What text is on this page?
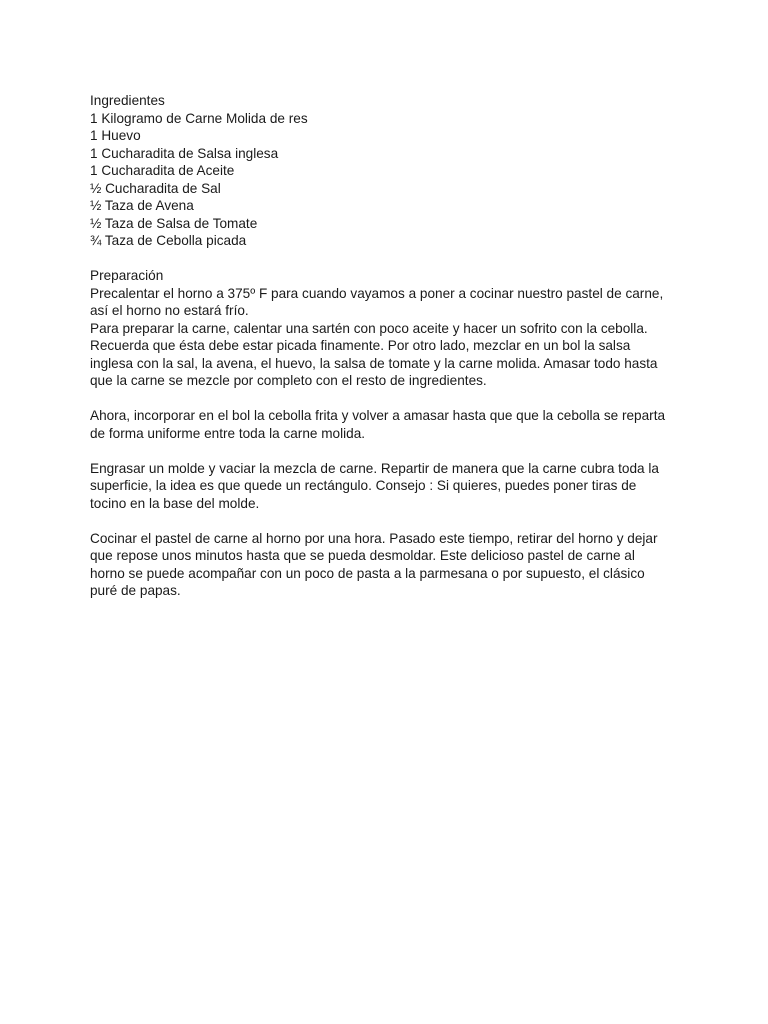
Ingredientes
1 Kilogramo de Carne Molida de res
1 Huevo
1 Cucharadita de Salsa inglesa
1 Cucharadita de Aceite
½ Cucharadita de Sal
½ Taza de Avena
½ Taza de Salsa de Tomate
¾ Taza de Cebolla picada
Preparación
Precalentar el horno a 375º F para cuando vayamos a poner a cocinar nuestro pastel de carne,
así el horno no estará frío.
Para preparar la carne, calentar una sartén con poco aceite y hacer un sofrito con la cebolla.
Recuerda que ésta debe estar picada finamente. Por otro lado, mezclar en un bol la salsa
inglesa con la sal, la avena, el huevo, la salsa de tomate y la carne molida. Amasar todo hasta
que la carne se mezcle por completo con el resto de ingredientes.
Ahora, incorporar en el bol la cebolla frita y volver a amasar hasta que que la cebolla se reparta
de forma uniforme entre toda la carne molida.
Engrasar un molde y vaciar la mezcla de carne. Repartir de manera que la carne cubra toda la
superficie, la idea es que quede un rectángulo. Consejo : Si quieres, puedes poner tiras de
tocino en la base del molde.
Cocinar el pastel de carne al horno por una hora. Pasado este tiempo, retirar del horno y dejar
que repose unos minutos hasta que se pueda desmoldar. Este delicioso pastel de carne al
horno se puede acompañar con un poco de pasta a la parmesana o por supuesto, el clásico
puré de papas.
